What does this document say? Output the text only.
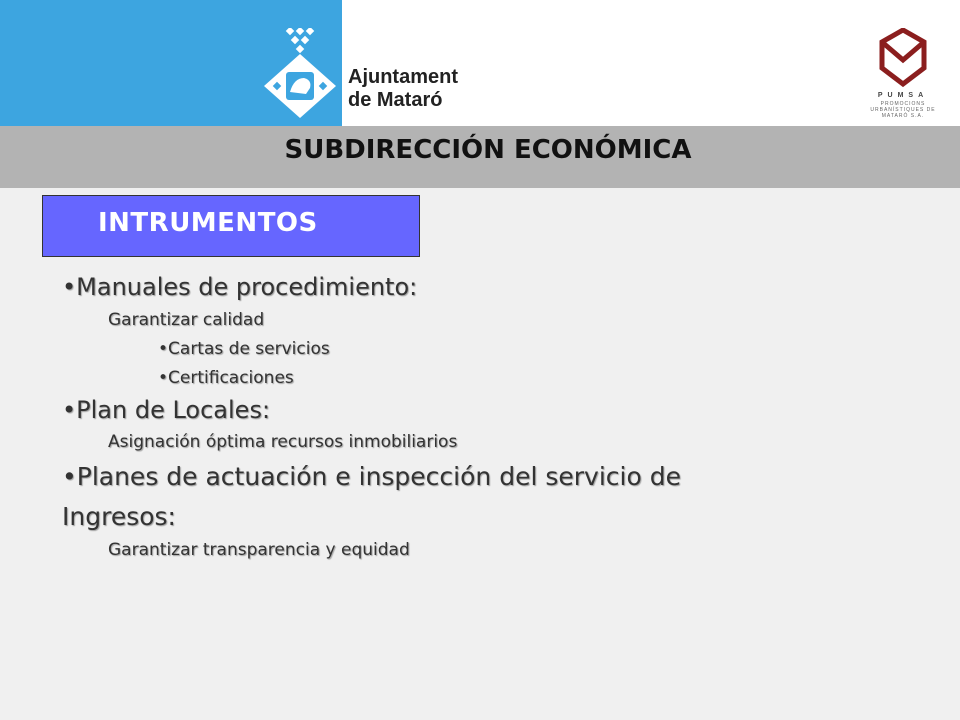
Ajuntament
de Mataró	PUMSA
PROMOCIONS URBANÍSTIQUES DE MATARÓ S.A.
SUBDIRECCIÓN ECONÓMICA
INTRUMENTOS
•Manuales de procedimiento:
Garantizar calidad
•Cartas de servicios
•Certificaciones
•Plan de Locales:
Asignación óptima recursos inmobiliarios
•Planes de actuación e inspección del servicio de
Ingresos:
Garantizar transparencia y equidad
